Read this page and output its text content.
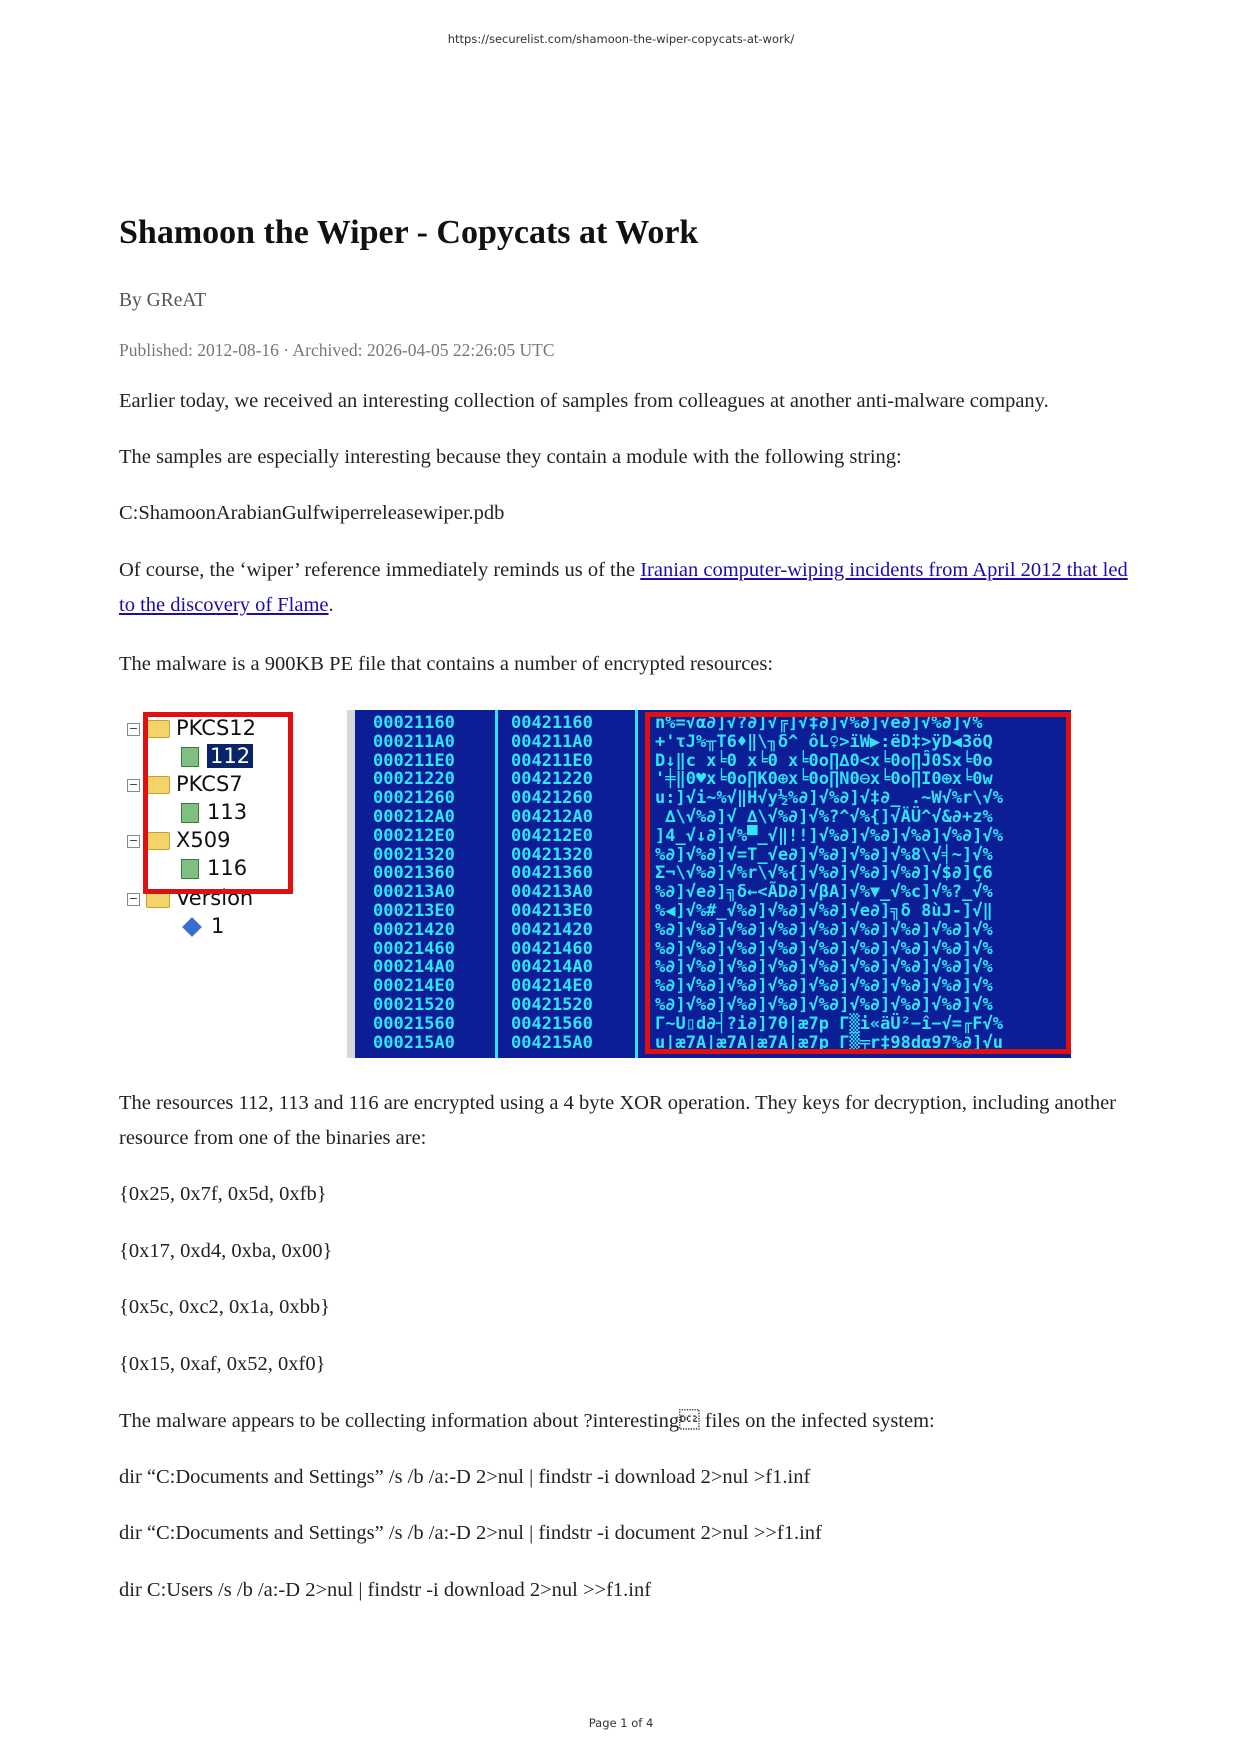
https://securelist.com/shamoon-the-wiper-copycats-at-work/
Shamoon the Wiper - Copycats at Work
By GReAT
Published: 2012-08-16 · Archived: 2026-04-05 22:26:05 UTC

Earlier today, we received an interesting collection of samples from colleagues at another anti-malware company.

The samples are especially interesting because they contain a module with the following string:

C:ShamoonArabianGulfwiperreleasewiper.pdb

Of course, the ‘wiper’ reference immediately reminds us of the Iranian computer-wiping incidents from April 2012 that led to the discovery of Flame.

The malware is a 900KB PE file that contains a number of encrypted resources:

− PKCS12
112
− PKCS7
113
− X509
116
− Version
1
00021160
000211A0
000211E0
00021220
00021260
000212A0
000212E0
00021320
00021360
000213A0
000213E0
00021420
00021460
000214A0
000214E0
00021520
00021560
000215A0
00421160
004211A0
004211E0
00421220
00421260
004212A0
004212E0
00421320
00421360
004213A0
004213E0
00421420
00421460
004214A0
004214E0
00421520
00421560
004215A0
n%=√α∂]√?∂]√╔]√‡∂]√%∂]√e∂]√%∂]√%
+'τJ%╥T6♦‖\╖δ^ ôL♀>ïW▶:ëD‡>ÿD◀3öQ
D↓‖c x╘0 x╘0 x╘0o∏∆0<x╘0o∏Ĵ0Sx╘0o
'╪‖0♥x╘0o∏K0⊕x╘0o∏N0⊖x╘0o∏I0⊕x╘0w
u:]√i~%√‖H√y½%∂]√%∂]√‡∂_ .~W√%r\√%
∆\√%∂]√ ∆\√%∂]√%?^√%{]√ÄÜ^√&∂+z%
]4_√↓∂]√%▀_√‖!!]√%∂]√%∂]√%∂]√%∂]√%
%∂]√%∂]√=T_√e∂]√%∂]√%∂]√%8\√╡~]√%
Σ¬\√%∂]√%r\√%{]√%∂]√%∂]√%∂]√$∂]Ç6
%∂]√e∂]╗δ←<ÃD∂]√βA]√%▼_√%c]√%?_√%
%◀]√%#_√%∂]√%∂]√%∂]√e∂]╗δ 8ùJ-]√‖
%∂]√%∂]√%∂]√%∂]√%∂]√%∂]√%∂]√%∂]√%
%∂]√%∂]√%∂]√%∂]√%∂]√%∂]√%∂]√%∂]√%
%∂]√%∂]√%∂]√%∂]√%∂]√%∂]√%∂]√%∂]√%
%∂]√%∂]√%∂]√%∂]√%∂]√%∂]√%∂]√%∂]√%
%∂]√%∂]√%∂]√%∂]√%∂]√%∂]√%∂]√%∂]√%
Γ~U▯d∂┤?i∂]7θ|æ7p Γ▒i«äÜ²−î−√=╓F√%
u|æ7A|æ7A|æ7A|æ7p Γ▒╤r‡98dα97%∂]√u

The resources 112, 113 and 116 are encrypted using a 4 byte XOR operation. They keys for decryption, including another resource from one of the binaries are:

{0x25, 0x7f, 0x5d, 0xfb}

{0x17, 0xd4, 0xba, 0x00}

{0x5c, 0xc2, 0x1a, 0xbb}

{0x15, 0xaf, 0x52, 0xf0}

The malware appears to be collecting information about ?interesting files on the infected system:

dir “C:Documents and Settings” /s /b /a:-D 2>nul | findstr -i download 2>nul >f1.inf

dir “C:Documents and Settings” /s /b /a:-D 2>nul | findstr -i document 2>nul >>f1.inf

dir C:Users /s /b /a:-D 2>nul | findstr -i download 2>nul >>f1.inf

Page 1 of 4
